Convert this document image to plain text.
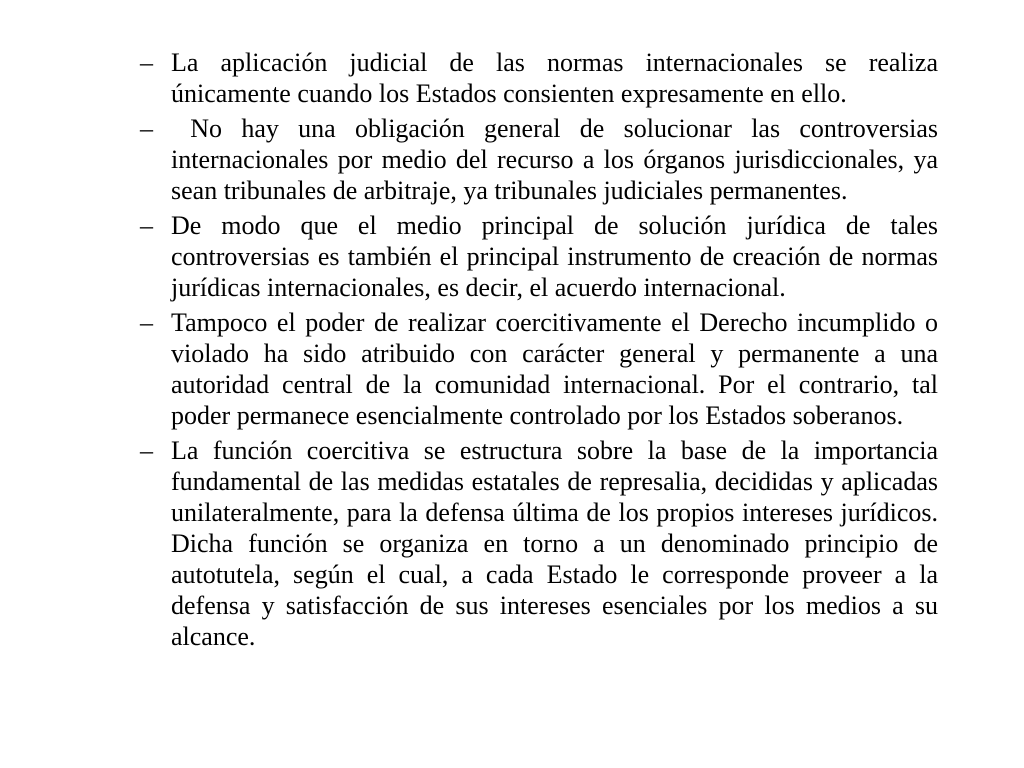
– La aplicación judicial de las normas internacionales se realiza únicamente cuando los Estados consienten expresamente en ello.
– No hay una obligación general de solucionar las controversias internacionales por medio del recurso a los órganos jurisdiccionales, ya sean tribunales de arbitraje, ya tribunales judiciales permanentes.
– De modo que el medio principal de solución jurídica de tales controversias es también el principal instrumento de creación de normas jurídicas internacionales, es decir, el acuerdo internacional.
– Tampoco el poder de realizar coercitivamente el Derecho incumplido o violado ha sido atribuido con carácter general y permanente a una autoridad central de la comunidad internacional. Por el contrario, tal poder permanece esencialmente controlado por los Estados soberanos.
– La función coercitiva se estructura sobre la base de la importancia fundamental de las medidas estatales de represalia, decididas y aplicadas unilateralmente, para la defensa última de los propios intereses jurídicos. Dicha función se organiza en torno a un denominado principio de autotutela, según el cual, a cada Estado le corresponde proveer a la defensa y satisfacción de sus intereses esenciales por los medios a su alcance.
